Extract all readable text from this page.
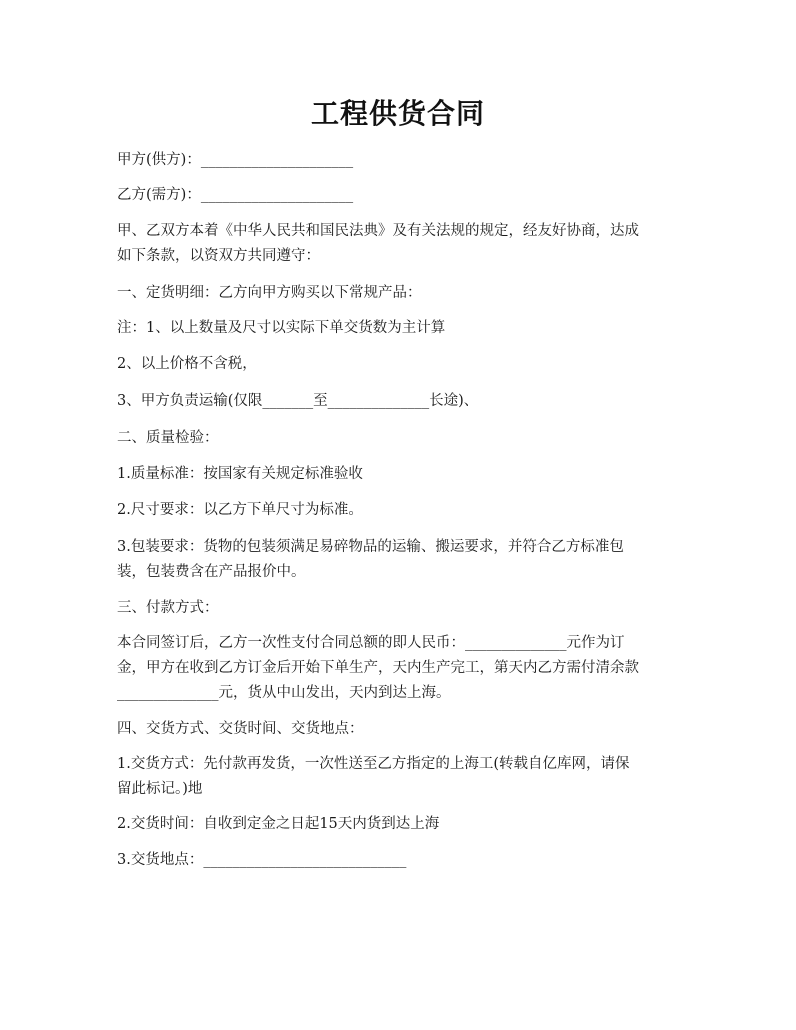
工程供货合同
甲方(供方)：_____________________
乙方(需方)：_____________________
甲、乙双方本着《中华人民共和国民法典》及有关法规的规定，经友好协商，达成
如下条款，以资双方共同遵守：
一、定货明细：乙方向甲方购买以下常规产品：
注：1、以上数量及尺寸以实际下单交货数为主计算
2、以上价格不含税，
3、甲方负责运输(仅限_______至______________长途)、
二、质量检验：
1.质量标准：按国家有关规定标准验收
2.尺寸要求：以乙方下单尺寸为标准。
3.包装要求：货物的包装须满足易碎物品的运输、搬运要求，并符合乙方标准包
装，包装费含在产品报价中。
三、付款方式：
本合同签订后，乙方一次性支付合同总额的即人民币：______________元作为订
金，甲方在收到乙方订金后开始下单生产，天内生产完工，第天内乙方需付清余款
______________元，货从中山发出，天内到达上海。
四、交货方式、交货时间、交货地点：
1.交货方式：先付款再发货，一次性送至乙方指定的上海工(转载自亿库网，请保
留此标记。)地
2.交货时间：自收到定金之日起15天内货到达上海
3.交货地点：____________________________
